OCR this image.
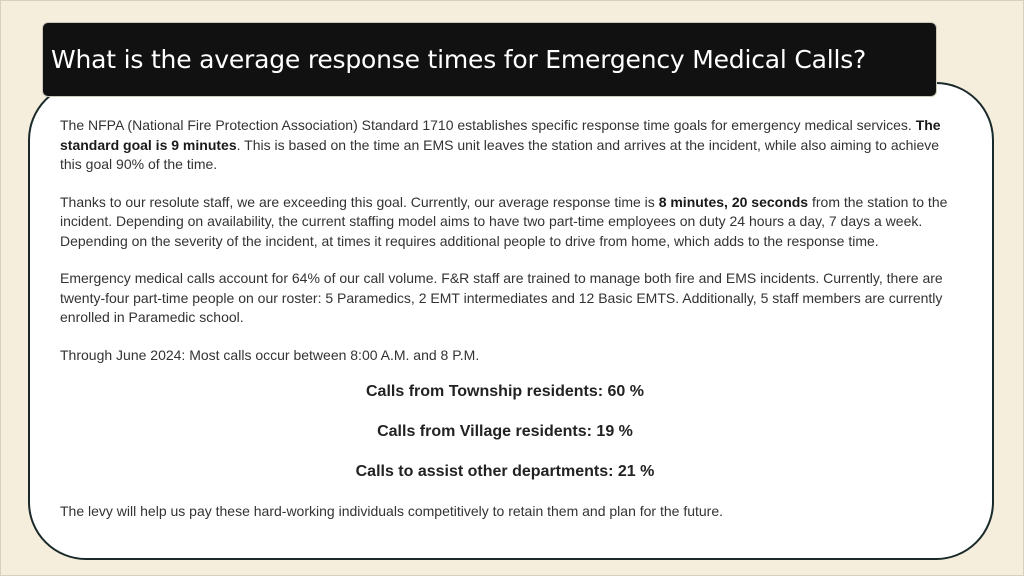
What is the average response times for Emergency Medical Calls?

The NFPA (National Fire Protection Association) Standard 1710 establishes specific response time goals for emergency medical services. The standard goal is 9 minutes. This is based on the time an EMS unit leaves the station and arrives at the incident, while also aiming to achieve this goal 90% of the time.

Thanks to our resolute staff, we are exceeding this goal. Currently, our average response time is 8 minutes, 20 seconds from the station to the incident. Depending on availability, the current staffing model aims to have two part-time employees on duty 24 hours a day, 7 days a week. Depending on the severity of the incident, at times it requires additional people to drive from home, which adds to the response time.

Emergency medical calls account for 64% of our call volume. F&R staff are trained to manage both fire and EMS incidents. Currently, there are twenty-four part-time people on our roster: 5 Paramedics, 2 EMT intermediates and 12 Basic EMTS. Additionally, 5 staff members are currently enrolled in Paramedic school.

Through June 2024: Most calls occur between 8:00 A.M. and 8 P.M.

Calls from Township residents: 60 %
Calls from Village residents: 19 %
Calls to assist other departments: 21 %

The levy will help us pay these hard-working individuals competitively to retain them and plan for the future.
